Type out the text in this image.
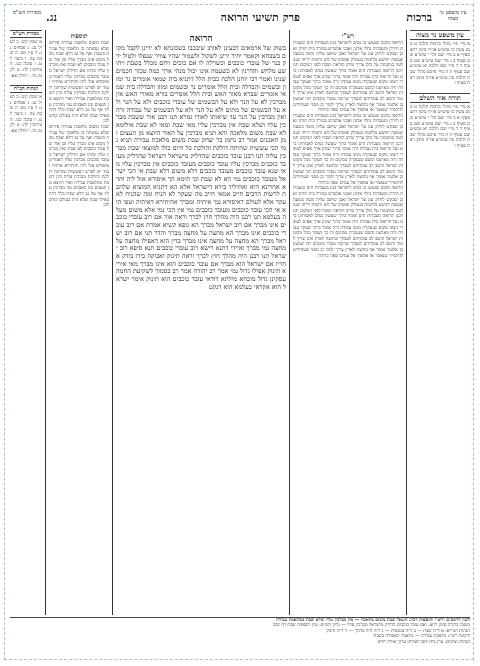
עין משפט נר מצוה
ברכות
פרק תשיעי הרואה
נג.
מסורת הש"ס
עין משפט נר מצוה
א מיי׳ פ״י מהל׳ ברכות הלכה ט סמג עשין כז טוש״ע או״ח סימן רחצ סעיף א ב מיי׳ שם הל׳ י טוש״ע שם סעיף ב ג מיי׳ שם טוש״ע שם סעיף ד ד מיי׳ שם הלכה יא טוש״ע שם סעיף ה ה מיי׳ פ״כט מהל׳ שבת הלכה כה טוש״ע או״ח סימן רצח סעיף ו
תורה אור השלם
א מיי׳ פ״י מהל׳ ברכות הלכה ט סמג עשין כז טוש״ע או״ח סימן רחצ סעיף א ב מיי׳ שם הל׳ י טוש״ע שם סעיף ב ג מיי׳ שם טוש״ע שם סעיף ד ד מיי׳ שם הלכה יא טוש״ע שם סעיף ה ה מיי׳ פ״כט מהל׳ שבת הלכה כה טוש״ע או״ח סימן רצח סעיף ו
רש"י
הרואה מקום שנעשו בו נסים לישראל כגון מעברות הים ומעברות הירדן ומעברות נחלי ארנון ואבני אלגביש במורד בית חורון ואבן שבקש לזרוק עוג על ישראל ואבן שישב עליה משה בשעה שעשה יהושע מלחמה בעמלק ואשתו של לוט וחומת יריחו שנבלעה במקומה על כולן צריך שיתן הודאה ושבח לפני המקום תנו רבנן הרואה מעברות הים אומר ברוך שעשה נסים לאבותינו בים ועל הרואה בית עבודה זרה אומר ברוך שנתן ארך אפים לעוברי רצונו מקום שנעקרה ממנו עבודה זרה אומר ברוך שעקר עבודה זרה מארצנו וכשם שנעקרה ממקום זה כך תעקר מכל מקומות ישראל והשב לב עובדיהם לעבדך ובחוצה לארץ אינו צריך לומר והשב לב עובדיהם לעבדך שרובה עובדי כוכבים רבי שמעון בן אלעזר אומר אף בחוצה לארץ צריך לומר כן מפני שעתידים להתגייר שנאמר אז אהפוך אל עמים שפה ברורה
הרואה מקום שנעשו בו נסים לישראל כגון מעברות הים ומעברות הירדן ומעברות נחלי ארנון ואבני אלגביש במורד בית חורון ואבן שבקש לזרוק עוג על ישראל ואבן שישב עליה משה בשעה שעשה יהושע מלחמה בעמלק ואשתו של לוט וחומת יריחו שנבלעה במקומה על כולן צריך שיתן הודאה ושבח לפני המקום תנו רבנן הרואה מעברות הים אומר ברוך שעשה נסים לאבותינו בים ועל הרואה בית עבודה זרה אומר ברוך שנתן ארך אפים לעוברי רצונו מקום שנעקרה ממנו עבודה זרה אומר ברוך שעקר עבודה זרה מארצנו וכשם שנעקרה ממקום זה כך תעקר מכל מקומות ישראל והשב לב עובדיהם לעבדך ובחוצה לארץ אינו צריך לומר והשב לב עובדיהם לעבדך שרובה עובדי כוכבים רבי שמעון בן אלעזר אומר אף בחוצה לארץ צריך לומר כן מפני שעתידים להתגייר שנאמר אז אהפוך אל עמים שפה ברורה
הרואה מקום שנעשו בו נסים לישראל כגון מעברות הים ומעברות הירדן ומעברות נחלי ארנון ואבני אלגביש במורד בית חורון ואבן שבקש לזרוק עוג על ישראל ואבן שישב עליה משה בשעה שעשה יהושע מלחמה בעמלק ואשתו של לוט וחומת יריחו שנבלעה במקומה על כולן צריך שיתן הודאה ושבח לפני המקום תנו רבנן הרואה מעברות הים אומר ברוך שעשה נסים לאבותינו בים ועל הרואה בית עבודה זרה אומר ברוך שנתן ארך אפים לעוברי רצונו מקום שנעקרה ממנו עבודה זרה אומר ברוך שעקר עבודה זרה מארצנו וכשם שנעקרה ממקום זה כך תעקר מכל מקומות ישראל והשב לב עובדיהם לעבדך ובחוצה לארץ אינו צריך לומר והשב לב עובדיהם לעבדך שרובה עובדי כוכבים רבי שמעון בן אלעזר אומר אף בחוצה לארץ צריך לומר כן מפני שעתידים להתגייר שנאמר אז אהפוך אל עמים שפה ברורה
הרואה
בשוק של ארמאים דבעינן לאותן שיבכבו בשכונתא לא ירינן לקבל מקום בשבחא וקאמר יחיד ירינן לשקול ולשמור שהיו צוויר שנפלו ולטול ירק בנר של עובדי כוכבים וכשרלה לו אם כזכים ויחם מכלל בשבת ויהושע מלחש והדרנין לא כשעמה אינו יכול מנהי ארך כמה טכוך חכמים שנינו ואמר רבי יוחנן הלכה כבית הלל דתניא בית שמאי אומרים נר ומזון ובשמים והבדלה ובית הלל אומרים נר ובשמים ומזון והבדלה בית שמאי אומרים שברא מאור האש ובית הלל אומרים בורא מאורי האש אין מברכין לא על הנר ולא על הבשמים של עובדי כוכבים ולא על הנר ולא על הבשמים של מתים ולא על הנר ולא על הבשמים של עבודה זרה ואין מברכין על הנר עד שיאותו לאורו גמרא תנו רבנן אור ששבת מברכין עליו ושלא שבת אין מברכין עליו מאי שבת ומאי לא שבת אילימא לא שבת משום מלאכה והא תניא מברכין על האור היוצא מן העצים ומן האבנים אמר רב נחמן בר יצחק שבת משום מלאכת עבירה תניא נמי הכי עששית שהיתה דולקת והולכת כל היום כולו למוצאי שבת מברכין עליה תנו רבנן עובד כוכבים שהדליק מישראל וישראל שהדליק מעובד כוכבים מברכין עליו עובד כוכבים מעובד כוכבים אין מברכין עליו מאי שנא עובד כוכבים מעובד כוכבים דלא משום דלא שבת אי הכי ישראל מעובד כוכבים נמי הא לא שבת וכי תימא הך איסורא אזל ליה וחדא אחרינא היא ואתיליד בידא דישראל אלא הא דתניא המוציא שלהבת לרשות הרבים חייב אמאי חייב מה שעקר לא הניח ומה שהניח לא עקר אלא לעולם דאיסורא נמי איתיה ומברך אהיתירא דאיתיה וטפי הוא אי הכי עובד כוכבים מעובד כוכבים נמי אין הכי נמי אלא משום מעלה בעלמא תנו רבנן היה מהלך חוץ לכרך וראה אור אם רוב עובדי כוכבים אינו מברך אם רוב ישראל מברך הא גופא קשיא אמרת אם רוב עובדי כוכבים אינו מברך הא מחצה על מחצה מברך והדר תני אם רוב ישראל מברך הא מחצה על מחצה אינו מברך בדין הוא דאפילו מחצה על מחצה נמי מברך ואיידי דתנא רישא רוב עובדי כוכבים תנא סיפא רוב ישראל תנו רבנן היה מהלך חוץ לכרך וראה תינוק ואבוקה בידו בודק אחריו אם ישראל הוא מברך אם עובד כוכבים הוא אינו מברך מאי איריא תינוק אפילו גדול נמי אמר רב יהודה אמר רב בסמוך לשקיעת החמה עסקינן גדול מוכחא מילתא דודאי עובד כוכבים הוא תינוק אימר ישראל הוא אקראי בעלמא הוא דנקט
תוספות
שבת משום מלאכת עבירה פירוש שלא נעשתה בו מלאכה של עבירה בשבת ואף על גב דלא שבת מכל מקום אינו מברך עליו וכן אור של עובד כוכבים לא שבת ואין מברכין עליו ומיהו אם הדליק ישראל מעובד כוכבים מברכין עליו דאמרינן איסורא אזל ליה והיתירא איתיה ועוד יש לפרש דעששית שהיתה דולקת והולכת מברכין עליה כיון דשבת ממלאכת עבירה ואור היוצא מן העצים ומן האבנים נמי מברכין עליו אף על גב דלא שבת כלל דהוי כאילו שבת שלא היה בעולם קודם לכן
שבת משום מלאכת עבירה פירוש שלא נעשתה בו מלאכה של עבירה בשבת ואף על גב דלא שבת מכל מקום אינו מברך עליו וכן אור של עובד כוכבים לא שבת ואין מברכין עליו ומיהו אם הדליק ישראל מעובד כוכבים מברכין עליו דאמרינן איסורא אזל ליה והיתירא איתיה ועוד יש לפרש דעששית שהיתה דולקת והולכת מברכין עליה כיון דשבת ממלאכת עבירה ואור היוצא מן העצים ומן האבנים נמי מברכין עליו אף על גב דלא שבת כלל דהוי כאילו שבת שלא היה בעולם קודם לכן
מסורת הש"ס
א שבת קיב: ב לעיל נב: ג פסחים נג: ד ע״ז מב: ה שבת צה. ו ביצה לט. ז סוכה כט. ח עירובין לה: ט לקמן נח. י חולין צא:
הגהות הב"ח
א שבת קיב: ב לעיל נב: ג פסחים נג: ד ע״ז מב: ה שבת צה. ו ביצה לט. ז סוכה כט. ח עירובין לה: ט לקמן נח. י חולין צא:
לשון הרמב״ם ורש״י ותוספות רבינו חננאל שבת משום מלאכה — אין מברכין עליו שלא שבת ממלאכת עבירה
משנה ברורה סימן רחצ: ואם עובד כוכבים הדליק מישראל מברכין עליו — גליון הש״ס: עיין תוספות שבת דף קכב
הגהות הגר״א: א ד״ה שבת — ב ד״ה עששית — ג ד״ה היה מהלך — ד ד״ה תינוק
ליקוטי רש״י: מלאכת עבירה — מלאכה האסורה בשבת
הגהות וציונים: עיין בית יוסף ושולחן ערוך אורח חיים
